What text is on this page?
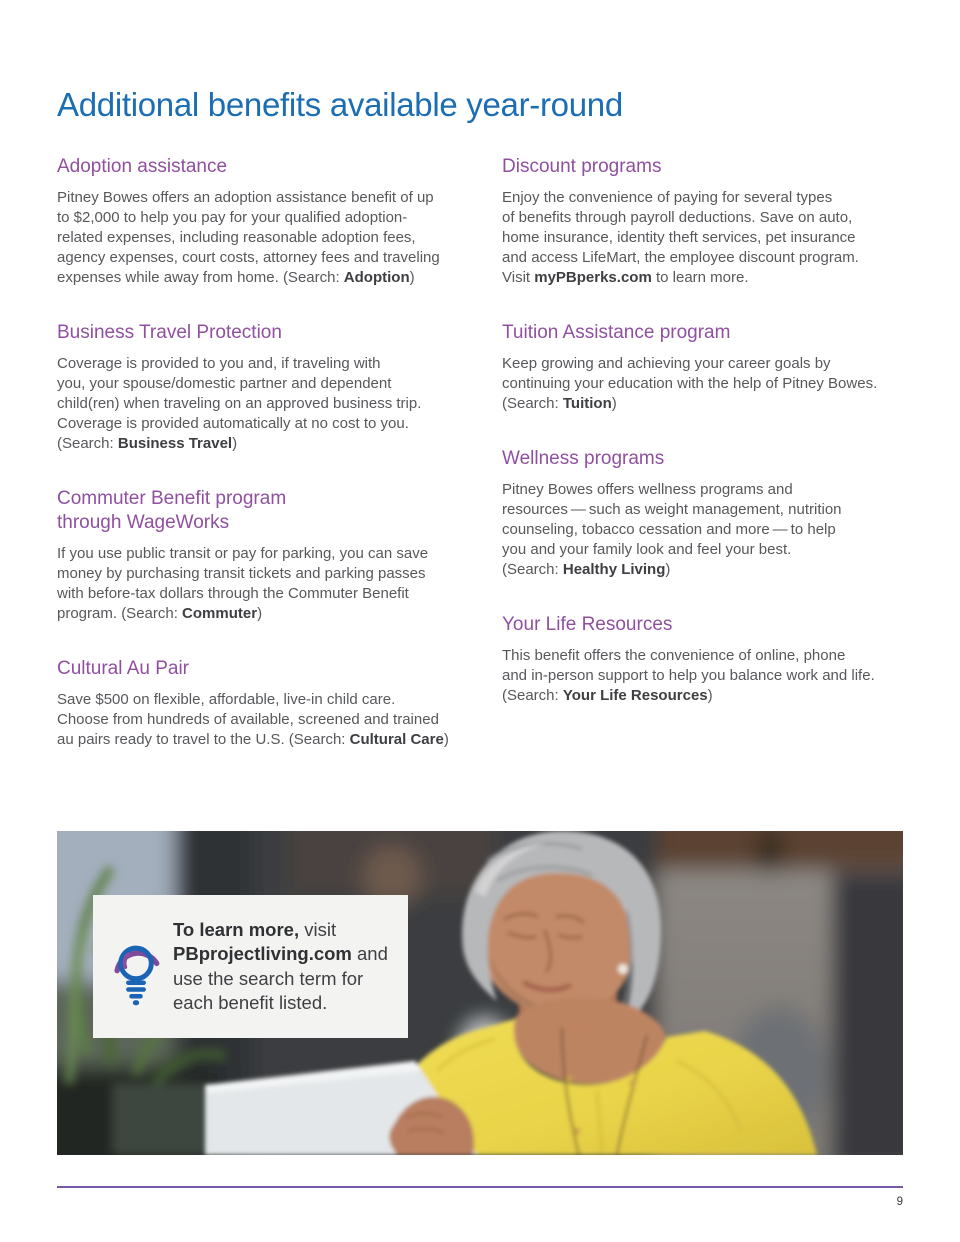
Additional benefits available year-round
Adoption assistance

Pitney Bowes offers an adoption assistance benefit of up
to $2,000 to help you pay for your qualified adoption-
related expenses, including reasonable adoption fees,
agency expenses, court costs, attorney fees and traveling
expenses while away from home. (Search: Adoption)

Business Travel Protection

Coverage is provided to you and, if traveling with
you, your spouse/domestic partner and dependent
child(ren) when traveling on an approved business trip.
Coverage is provided automatically at no cost to you.
(Search: Business Travel)

Commuter Benefit program
through WageWorks

If you use public transit or pay for parking, you can save
money by purchasing transit tickets and parking passes
with before-tax dollars through the Commuter Benefit
program. (Search: Commuter)

Cultural Au Pair

Save $500 on flexible, affordable, live-in child care.
Choose from hundreds of available, screened and trained
au pairs ready to travel to the U.S. (Search: Cultural Care)

Discount programs

Enjoy the convenience of paying for several types
of benefits through payroll deductions. Save on auto,
home insurance, identity theft services, pet insurance
and access LifeMart, the employee discount program.
Visit myPBperks.com to learn more.

Tuition Assistance program

Keep growing and achieving your career goals by
continuing your education with the help of Pitney Bowes.
(Search: Tuition)

Wellness programs

Pitney Bowes offers wellness programs and
resources — such as weight management, nutrition
counseling, tobacco cessation and more — to help
you and your family look and feel your best.
(Search: Healthy Living)

Your Life Resources

This benefit offers the convenience of online, phone
and in-person support to help you balance work and life.
(Search: Your Life Resources)

To learn more, visit
PBprojectliving.com and
use the search term for
each benefit listed.
9
